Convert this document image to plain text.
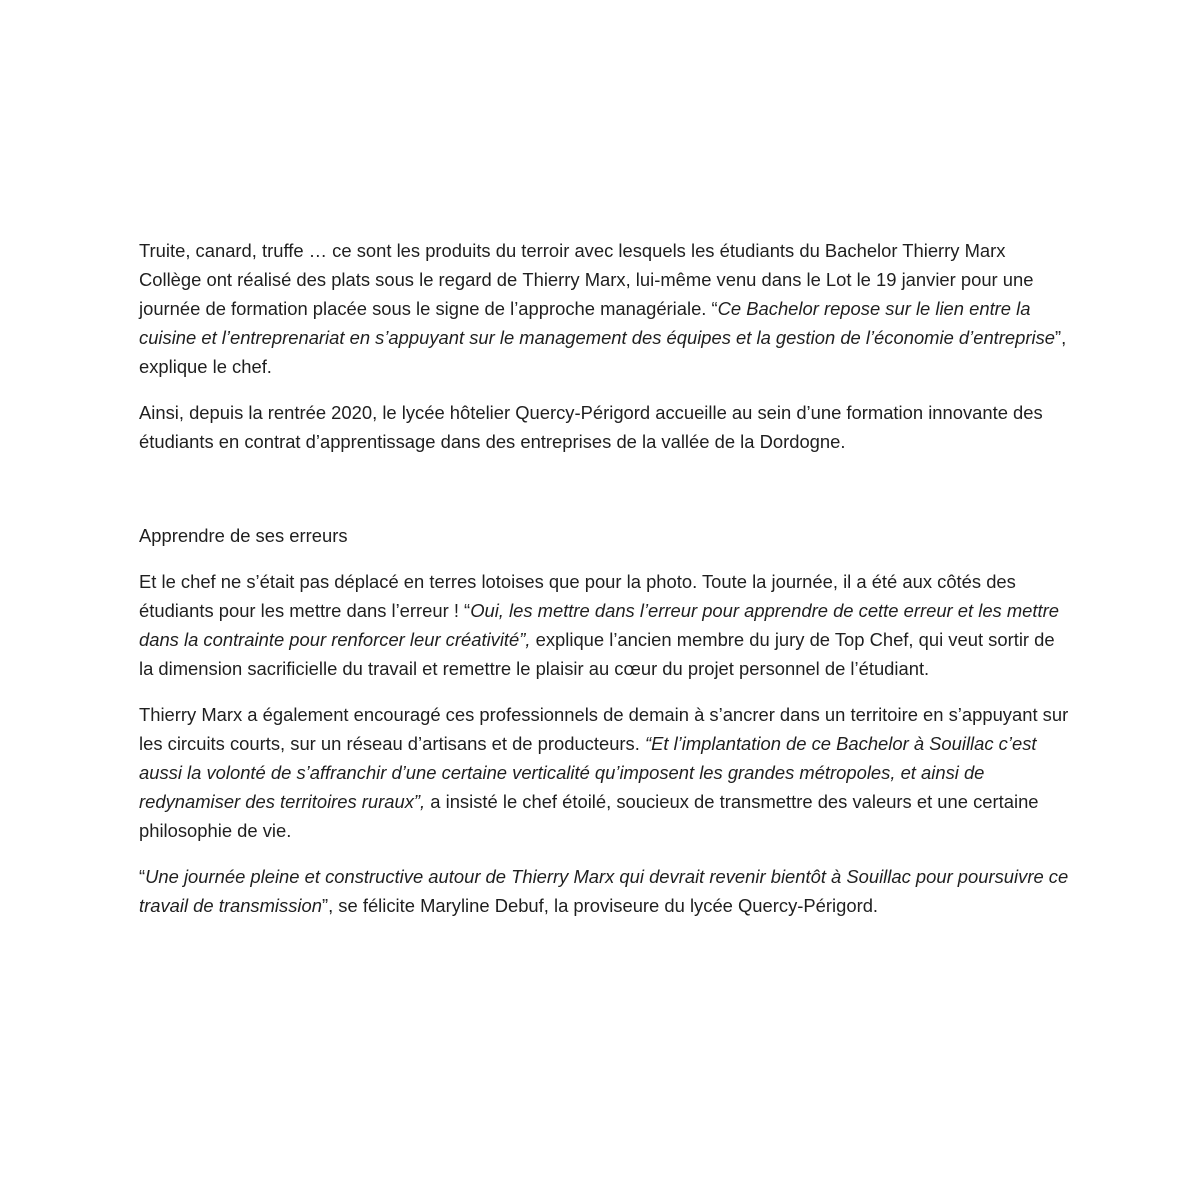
Truite, canard, truffe … ce sont les produits du terroir avec lesquels les étudiants du Bachelor Thierry Marx Collège ont réalisé des plats sous le regard de Thierry Marx, lui-même venu dans le Lot le 19 janvier pour une journée de formation placée sous le signe de l’approche managériale. “Ce Bachelor repose sur le lien entre la cuisine et l’entreprenariat en s’appuyant sur le management des équipes et la gestion de l’économie d’entreprise”, explique le chef.

Ainsi, depuis la rentrée 2020, le lycée hôtelier Quercy-Périgord accueille au sein d’une formation innovante des étudiants en contrat d’apprentissage dans des entreprises de la vallée de la Dordogne.

Apprendre de ses erreurs

Et le chef ne s’était pas déplacé en terres lotoises que pour la photo. Toute la journée, il a été aux côtés des étudiants pour les mettre dans l’erreur ! “Oui, les mettre dans l’erreur pour apprendre de cette erreur et les mettre dans la contrainte pour renforcer leur créativité”, explique l’ancien membre du jury de Top Chef, qui veut sortir de la dimension sacrificielle du travail et remettre le plaisir au cœur du projet personnel de l’étudiant.

Thierry Marx a également encouragé ces professionnels de demain à s’ancrer dans un territoire en s’appuyant sur les circuits courts, sur un réseau d’artisans et de producteurs. “Et l’implantation de ce Bachelor à Souillac c’est aussi la volonté de s’affranchir d’une certaine verticalité qu’imposent les grandes métropoles, et ainsi de redynamiser des territoires ruraux”, a insisté le chef étoilé, soucieux de transmettre des valeurs et une certaine philosophie de vie.

“Une journée pleine et constructive autour de Thierry Marx qui devrait revenir bientôt à Souillac pour poursuivre ce travail de transmission”, se félicite Maryline Debuf, la proviseure du lycée Quercy-Périgord.
